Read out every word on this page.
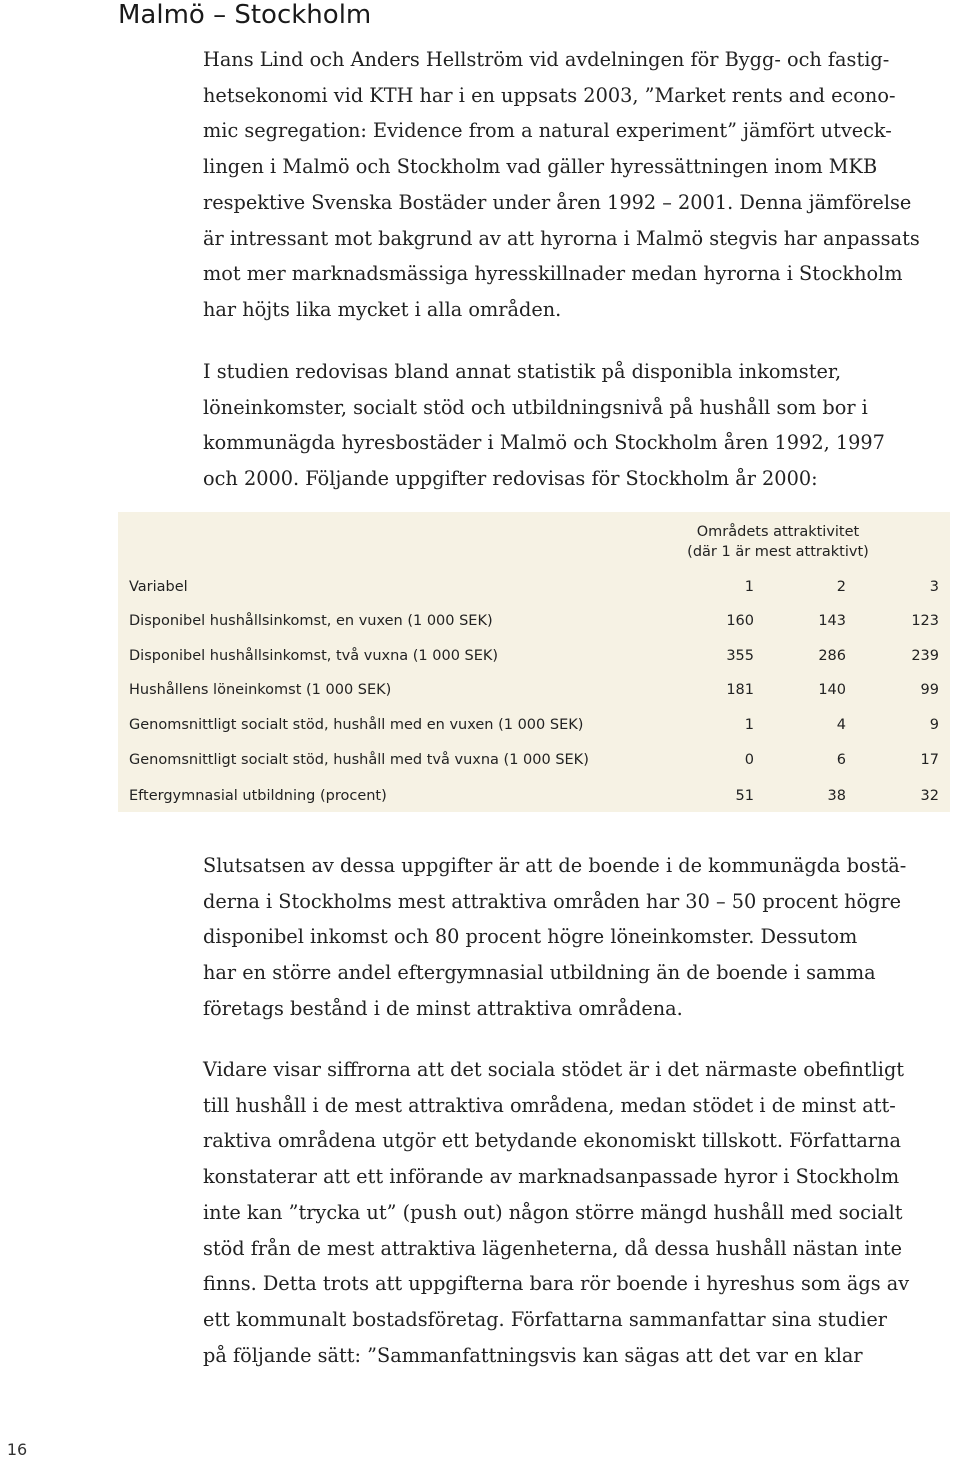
Malmö – Stockholm

Hans Lind och Anders Hellström vid avdelningen för Bygg- och fastig-
hetsekonomi vid KTH har i en uppsats 2003, ”Market rents and econo-
mic segregation: Evidence from a natural experiment” jämfört utveck-
lingen i Malmö och Stockholm vad gäller hyressättningen inom MKB
respektive Svenska Bostäder under åren 1992 – 2001. Denna jämförelse
är intressant mot bakgrund av att hyrorna i Malmö stegvis har anpassats
mot mer marknadsmässiga hyresskillnader medan hyrorna i Stockholm
har höjts lika mycket i alla områden.

I studien redovisas bland annat statistik på disponibla inkomster,
löneinkomster, socialt stöd och utbildningsnivå på hushåll som bor i
kommunägda hyresbostäder i Malmö och Stockholm åren 1992, 1997
och 2000. Följande uppgifter redovisas för Stockholm år 2000:

Områdets attraktivitet
(där 1 är mest attraktivt)
Variabel	1	2	3
Disponibel hushållsinkomst, en vuxen (1 000 SEK)	160	143	123
Disponibel hushållsinkomst, två vuxna (1 000 SEK)	355	286	239
Hushållens löneinkomst (1 000 SEK)	181	140	99
Genomsnittligt socialt stöd, hushåll med en vuxen (1 000 SEK)	1	4	9
Genomsnittligt socialt stöd, hushåll med två vuxna (1 000 SEK)	0	6	17
Eftergymnasial utbildning (procent)	51	38	32

Slutsatsen av dessa uppgifter är att de boende i de kommunägda bostä-
derna i Stockholms mest attraktiva områden har 30 – 50 procent högre
disponibel inkomst och 80 procent högre löneinkomster. Dessutom
har en större andel eftergymnasial utbildning än de boende i samma
företags bestånd i de minst attraktiva områdena.

Vidare visar siffrorna att det sociala stödet är i det närmaste obefintligt
till hushåll i de mest attraktiva områdena, medan stödet i de minst att-
raktiva områdena utgör ett betydande ekonomiskt tillskott. Författarna
konstaterar att ett införande av marknadsanpassade hyror i Stockholm
inte kan ”trycka ut” (push out) någon större mängd hushåll med socialt
stöd från de mest attraktiva lägenheterna, då dessa hushåll nästan inte
finns. Detta trots att uppgifterna bara rör boende i hyreshus som ägs av
ett kommunalt bostadsföretag. Författarna sammanfattar sina studier
på följande sätt: ”Sammanfattningsvis kan sägas att det var en klar

16
